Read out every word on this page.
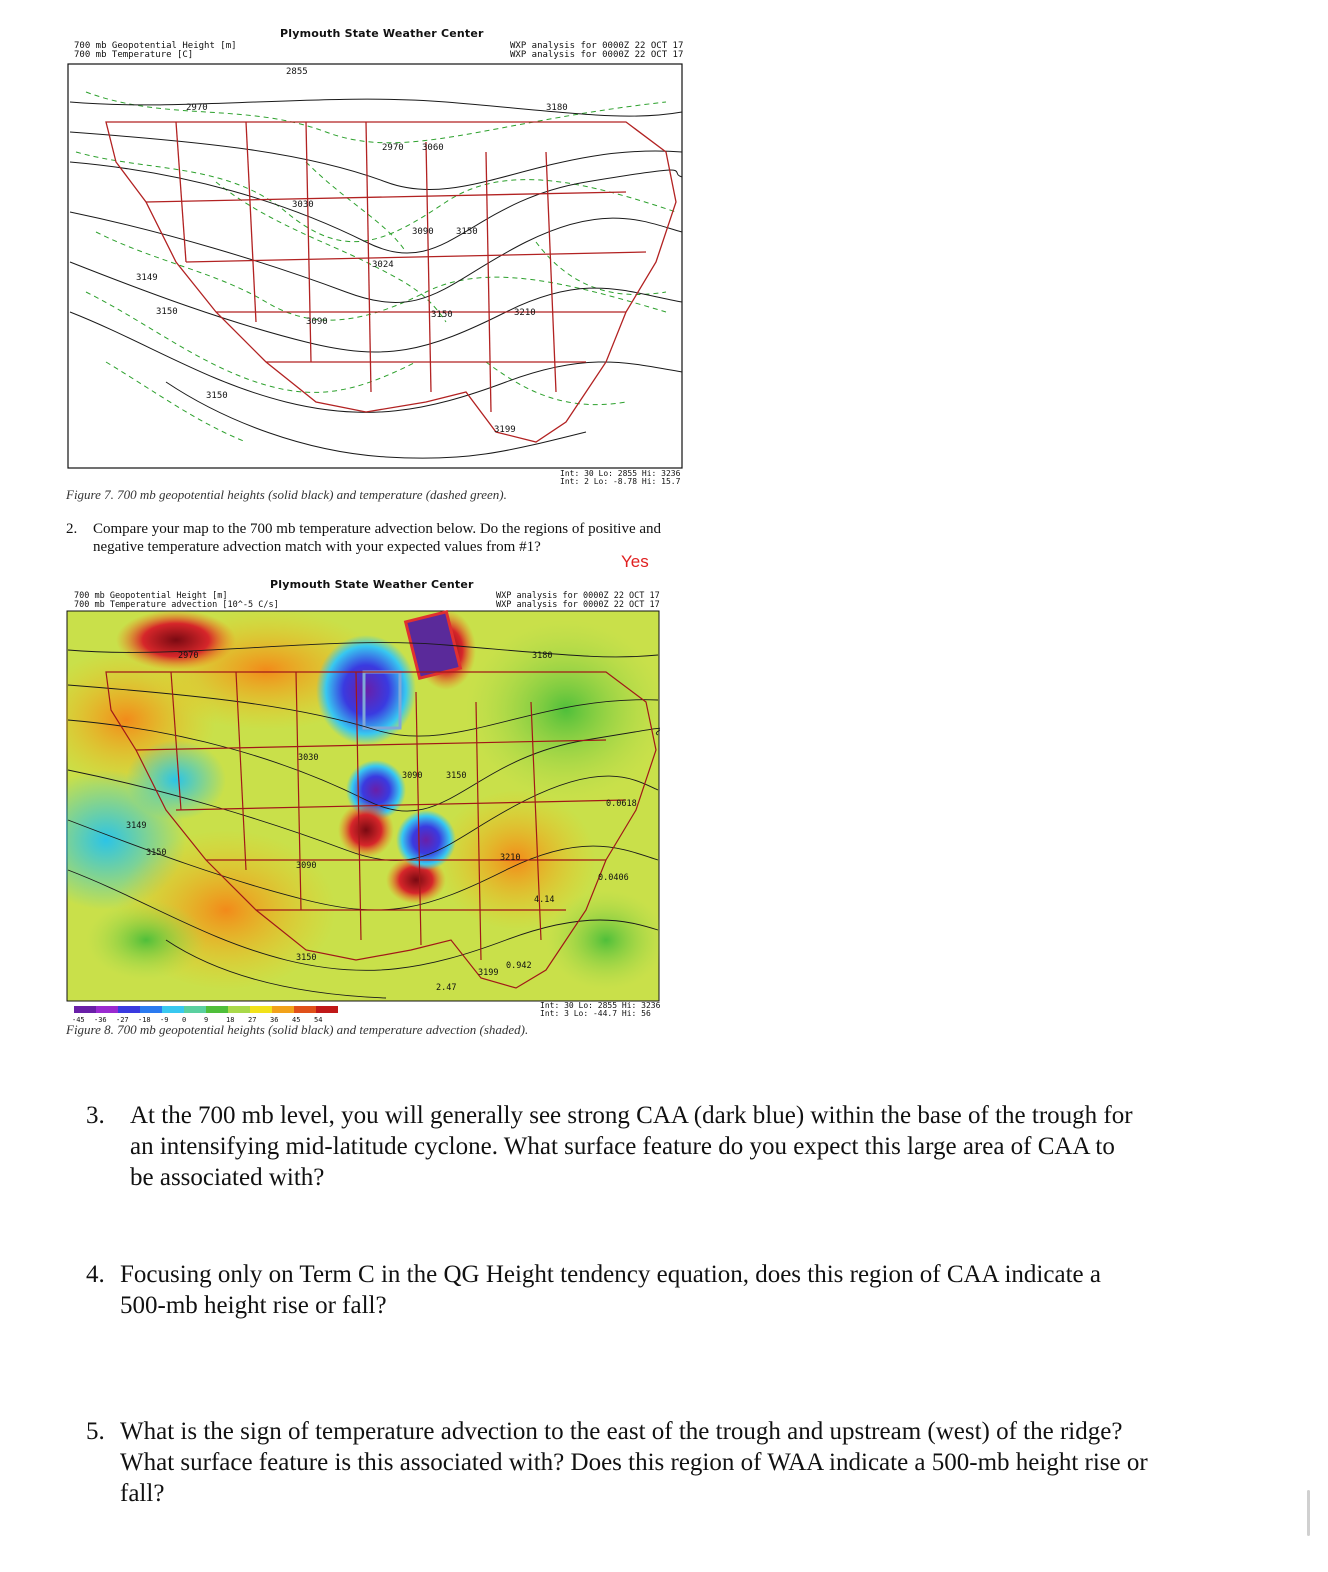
Plymouth State Weather Center
700 mb Geopotential Height [m]
700 mb Temperature [C]
WXP analysis for 0000Z 22 OCT 17
WXP analysis for 0000Z 22 OCT 17
2855
2970
3030
2970 3060
3090 3150
3180
3210
3149
3150
3090
3150
3199
3024
3150
Int: 30 Lo: 2855 Hi: 3236
Int: 2 Lo: -8.78 Hi: 15.7
Figure 7. 700 mb geopotential heights (solid black) and temperature (dashed green).
2. Compare your map to the 700 mb temperature advection below. Do the regions of positive and
negative temperature advection match with your expected values from #1?
Yes
Plymouth State Weather Center
700 mb Geopotential Height [m]
700 mb Temperature advection [10^-5 C/s]
WXP analysis for 0000Z 22 OCT 17
WXP analysis for 0000Z 22 OCT 17
2970
3030
3090	3150
3180
3210
3149
3150
3090
3150
3199
2.47
0.942
4.14
0.0406
0.0618
-45 -36 -27 -18 -9 0	9	18 27 36 45 54
Int: 30 Lo: 2855 Hi: 3236
Int: 3 Lo: -44.7 Hi: 56
Figure 8. 700 mb geopotential heights (solid black) and temperature advection (shaded).
3. At the 700 mb level, you will generally see strong CAA (dark blue) within the base of the trough for
an intensifying mid-latitude cyclone. What surface feature do you expect this large area of CAA to
be associated with?
4. Focusing only on Term C in the QG Height tendency equation, does this region of CAA indicate a
500-mb height rise or fall?
5. What is the sign of temperature advection to the east of the trough and upstream (west) of the ridge?
What surface feature is this associated with? Does this region of WAA indicate a 500-mb height rise or
fall?
